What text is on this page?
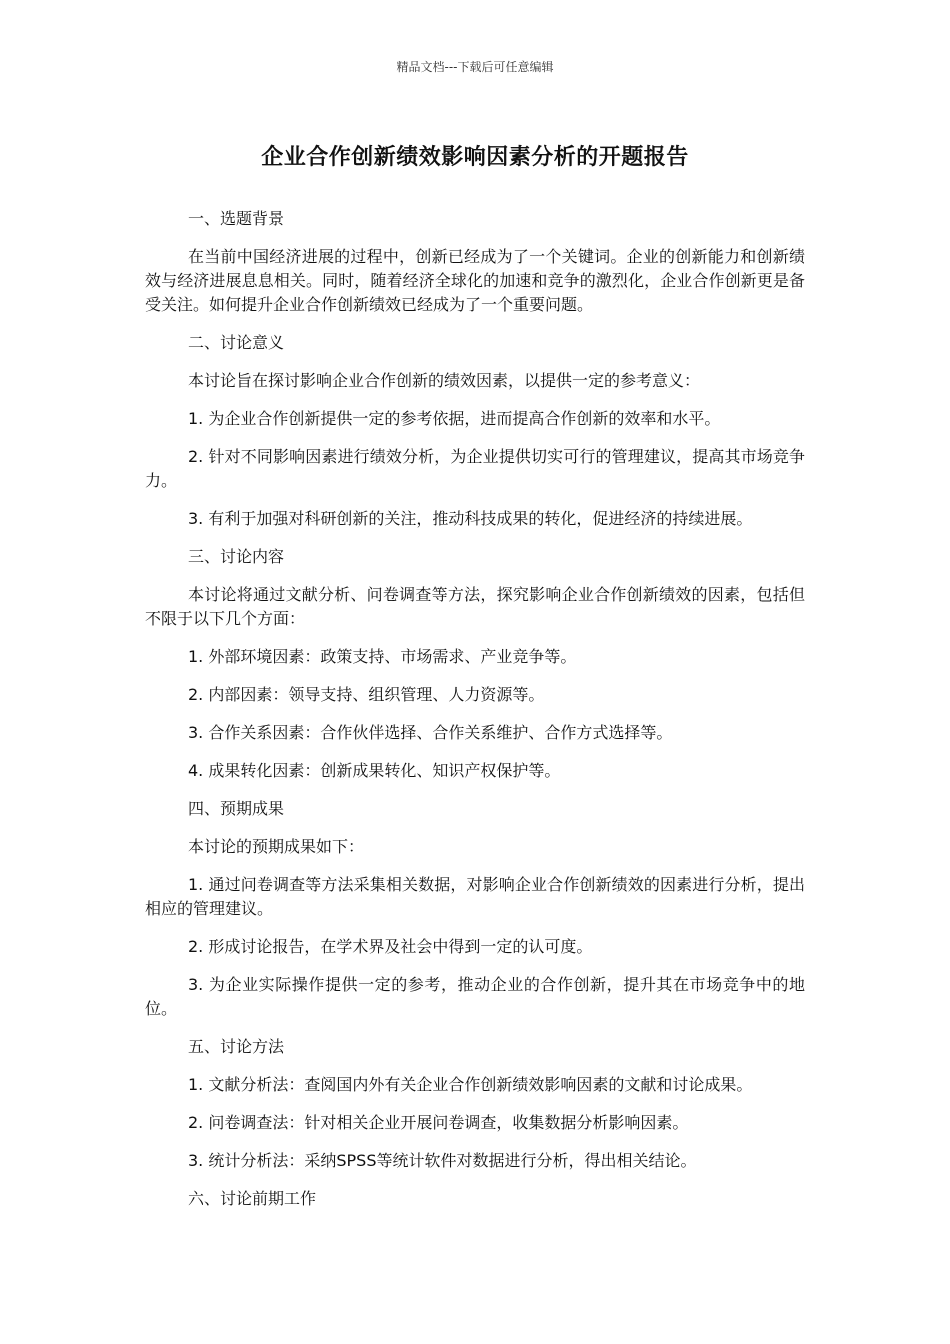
精品文档---下载后可任意编辑
企业合作创新绩效影响因素分析的开题报告

一、选题背景

在当前中国经济进展的过程中，创新已经成为了一个关键词。企业的创新能力和创新绩效与经济进展息息相关。同时，随着经济全球化的加速和竞争的激烈化，企业合作创新更是备受关注。如何提升企业合作创新绩效已经成为了一个重要问题。

二、讨论意义

本讨论旨在探讨影响企业合作创新的绩效因素，以提供一定的参考意义：

1. 为企业合作创新提供一定的参考依据，进而提高合作创新的效率和水平。

2. 针对不同影响因素进行绩效分析，为企业提供切实可行的管理建议，提高其市场竞争力。

3. 有利于加强对科研创新的关注，推动科技成果的转化，促进经济的持续进展。

三、讨论内容

本讨论将通过文献分析、问卷调查等方法，探究影响企业合作创新绩效的因素，包括但不限于以下几个方面：

1. 外部环境因素：政策支持、市场需求、产业竞争等。

2. 内部因素：领导支持、组织管理、人力资源等。

3. 合作关系因素：合作伙伴选择、合作关系维护、合作方式选择等。

4. 成果转化因素：创新成果转化、知识产权保护等。

四、预期成果

本讨论的预期成果如下：

1. 通过问卷调查等方法采集相关数据，对影响企业合作创新绩效的因素进行分析，提出相应的管理建议。

2. 形成讨论报告，在学术界及社会中得到一定的认可度。

3. 为企业实际操作提供一定的参考，推动企业的合作创新，提升其在市场竞争中的地位。

五、讨论方法

1. 文献分析法：查阅国内外有关企业合作创新绩效影响因素的文献和讨论成果。

2. 问卷调查法：针对相关企业开展问卷调查，收集数据分析影响因素。

3. 统计分析法：采纳SPSS等统计软件对数据进行分析，得出相关结论。

六、讨论前期工作
